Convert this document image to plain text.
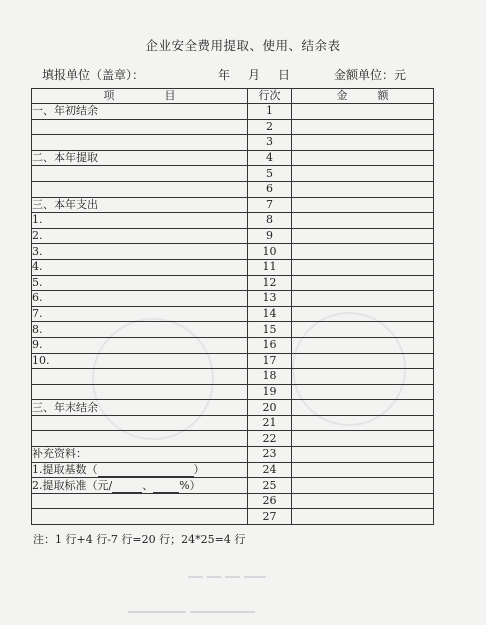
━━ ━━ ━━ ━━━
━━━━━━━━ ━━━━━━━━━
企业安全费用提取、使用、结余表
填报单位（盖章）：	年 月 日	金额单位：元
项目	行次	金额
一、年初结余	1	
	2	
	3	
二、本年提取	4	
	5	
	6	
三、本年支出	7	
1.	8	
2.	9	
3.	10	
4.	11	
5.	12	
6.	13	
7.	14	
8.	15	
9.	16	
10.	17	
	18	
	19	
三、年末结余	20	
	21	
	22	
补充资料：	23	
1.提取基数（ ）	24	
2.提取标准（元/ 、 %）	25	
	26	
	27	
注：1 行+4 行-7 行=20 行；24*25=4 行
